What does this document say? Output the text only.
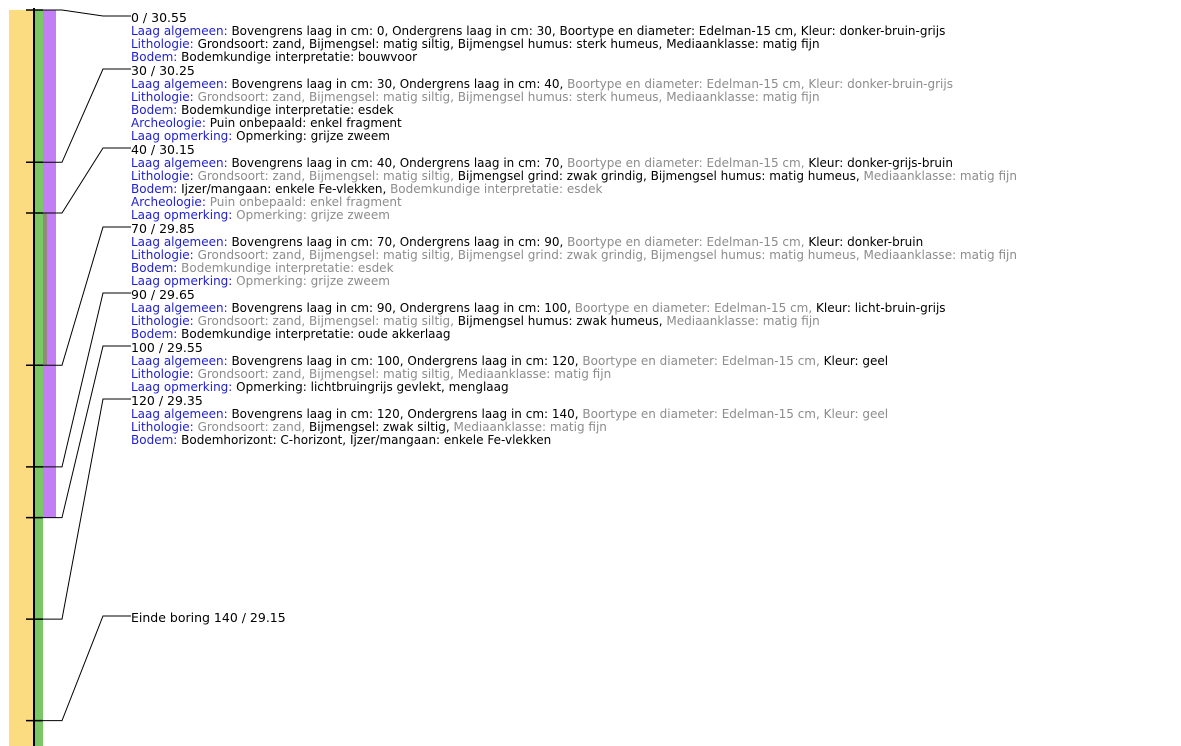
0 / 30.55
Laag algemeen: Bovengrens laag in cm: 0, Ondergrens laag in cm: 30, Boortype en diameter: Edelman-15 cm, Kleur: donker-bruin-grijs
Lithologie: Grondsoort: zand, Bijmengsel: matig siltig, Bijmengsel humus: sterk humeus, Mediaanklasse: matig fijn
Bodem: Bodemkundige interpretatie: bouwvoor
30 / 30.25
Laag algemeen: Bovengrens laag in cm: 30, Ondergrens laag in cm: 40, Boortype en diameter: Edelman-15 cm, Kleur: donker-bruin-grijs
Lithologie: Grondsoort: zand, Bijmengsel: matig siltig, Bijmengsel humus: sterk humeus, Mediaanklasse: matig fijn
Bodem: Bodemkundige interpretatie: esdek
Archeologie: Puin onbepaald: enkel fragment
Laag opmerking: Opmerking: grijze zweem
40 / 30.15
Laag algemeen: Bovengrens laag in cm: 40, Ondergrens laag in cm: 70, Boortype en diameter: Edelman-15 cm, Kleur: donker-grijs-bruin
Lithologie: Grondsoort: zand, Bijmengsel: matig siltig, Bijmengsel grind: zwak grindig, Bijmengsel humus: matig humeus, Mediaanklasse: matig fijn
Bodem: Ijzer/mangaan: enkele Fe-vlekken, Bodemkundige interpretatie: esdek
Archeologie: Puin onbepaald: enkel fragment
Laag opmerking: Opmerking: grijze zweem
70 / 29.85
Laag algemeen: Bovengrens laag in cm: 70, Ondergrens laag in cm: 90, Boortype en diameter: Edelman-15 cm, Kleur: donker-bruin
Lithologie: Grondsoort: zand, Bijmengsel: matig siltig, Bijmengsel grind: zwak grindig, Bijmengsel humus: matig humeus, Mediaanklasse: matig fijn
Bodem: Bodemkundige interpretatie: esdek
Laag opmerking: Opmerking: grijze zweem
90 / 29.65
Laag algemeen: Bovengrens laag in cm: 90, Ondergrens laag in cm: 100, Boortype en diameter: Edelman-15 cm, Kleur: licht-bruin-grijs
Lithologie: Grondsoort: zand, Bijmengsel: matig siltig, Bijmengsel humus: zwak humeus, Mediaanklasse: matig fijn
Bodem: Bodemkundige interpretatie: oude akkerlaag
100 / 29.55
Laag algemeen: Bovengrens laag in cm: 100, Ondergrens laag in cm: 120, Boortype en diameter: Edelman-15 cm, Kleur: geel
Lithologie: Grondsoort: zand, Bijmengsel: matig siltig, Mediaanklasse: matig fijn
Laag opmerking: Opmerking: lichtbruingrijs gevlekt, menglaag
120 / 29.35
Laag algemeen: Bovengrens laag in cm: 120, Ondergrens laag in cm: 140, Boortype en diameter: Edelman-15 cm, Kleur: geel
Lithologie: Grondsoort: zand, Bijmengsel: zwak siltig, Mediaanklasse: matig fijn
Bodem: Bodemhorizont: C-horizont, Ijzer/mangaan: enkele Fe-vlekken
Einde boring 140 / 29.15
